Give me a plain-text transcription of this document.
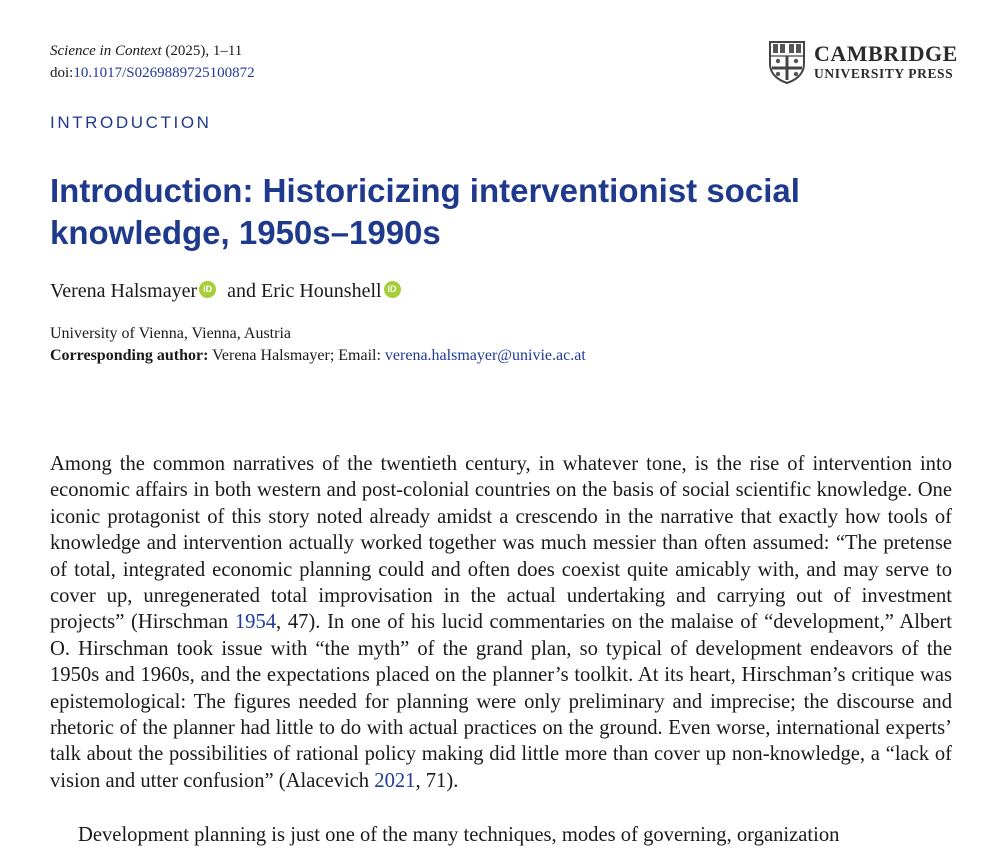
Science in Context (2025), 1–11
doi:10.1017/S0269889725100872
CAMBRIDGE
UNIVERSITY PRESS
INTRODUCTION
Introduction: Historicizing interventionist social knowledge, 1950s–1990s
Verena Halsmayer iD and Eric Hounshell iD
University of Vienna, Vienna, Austria
Corresponding author: Verena Halsmayer; Email: verena.halsmayer@univie.ac.at

Among the common narratives of the twentieth century, in whatever tone, is the rise of intervention into economic affairs in both western and post-colonial countries on the basis of social scientific knowledge. One iconic protagonist of this story noted already amidst a crescendo in the narrative that exactly how tools of knowledge and intervention actually worked together was much messier than often assumed: “The pretense of total, integrated economic planning could and often does coexist quite amicably with, and may serve to cover up, unregenerated total improvisation in the actual undertaking and carrying out of investment projects” (Hirschman 1954, 47). In one of his lucid commentaries on the malaise of “development,” Albert O. Hirschman took issue with “the myth” of the grand plan, so typical of development endeavors of the 1950s and 1960s, and the expectations placed on the planner’s toolkit. At its heart, Hirschman’s critique was epistemological: The figures needed for planning were only preliminary and imprecise; the discourse and rhetoric of the planner had little to do with actual practices on the ground. Even worse, international experts’ talk about the possibilities of rational policy making did little more than cover up non-knowledge, a “lack of vision and utter confusion” (Alacevich 2021, 71).

Development planning is just one of the many techniques, modes of governing, organization
